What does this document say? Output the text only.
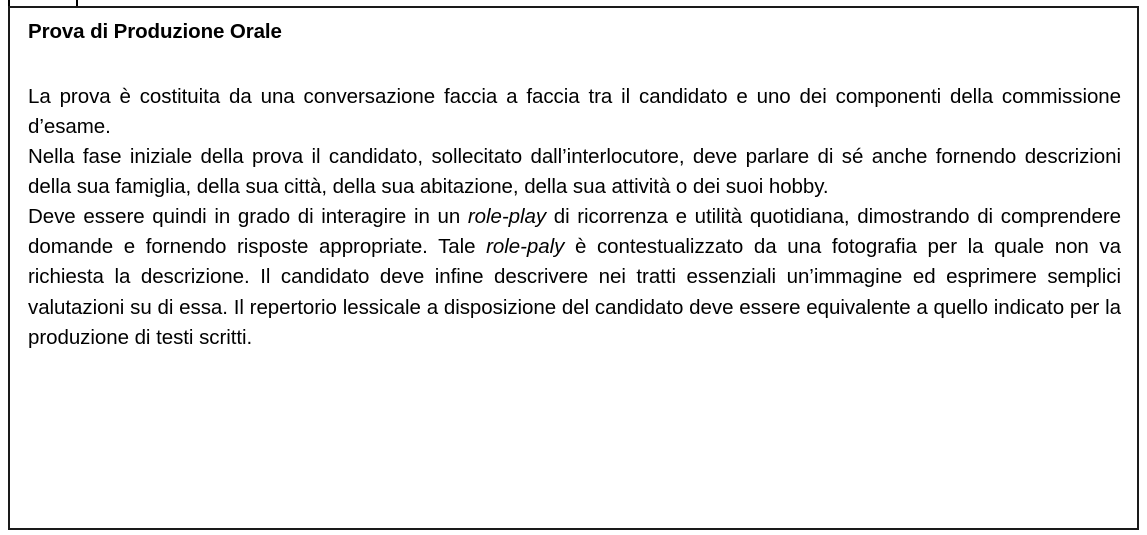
Prova di Produzione Orale

La prova è costituita da una conversazione faccia a faccia tra il candidato e uno dei componenti della commissione d’esame.

Nella fase iniziale della prova il candidato, sollecitato dall’interlocutore, deve parlare di sé anche fornendo descrizioni della sua famiglia, della sua città, della sua abitazione, della sua attività o dei suoi hobby.

Deve essere quindi in grado di interagire in un role-play di ricorrenza e utilità quotidiana, dimostrando di comprendere domande e fornendo risposte appropriate. Tale role-paly è contestualizzato da una fotografia per la quale non va richiesta la descrizione. Il candidato deve infine descrivere nei tratti essenziali un’immagine ed esprimere semplici valutazioni su di essa. Il repertorio lessicale a disposizione del candidato deve essere equivalente a quello indicato per la produzione di testi scritti.
